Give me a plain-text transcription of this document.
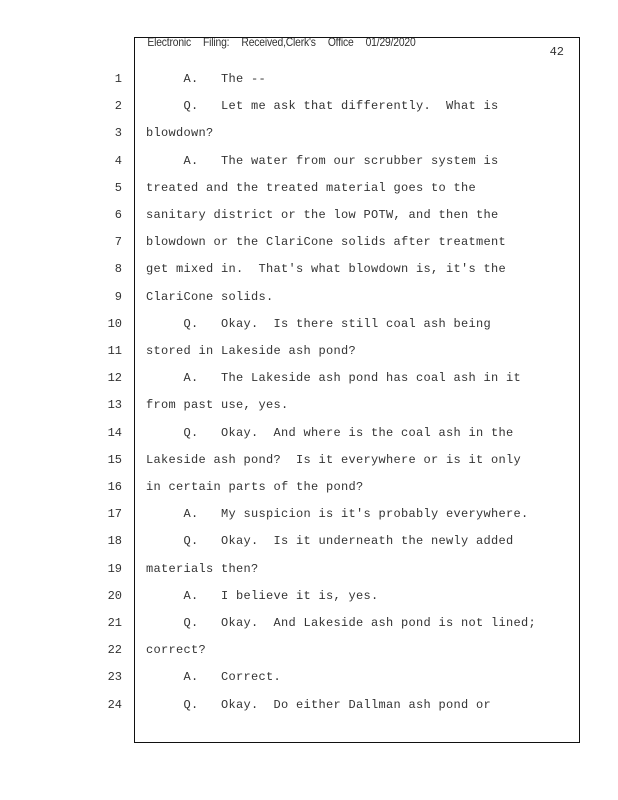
Electronic Filing: Received,Clerk's Office 01/29/2020

42
1 A.   The --
2 Q.   Let me ask that differently.  What is
3 blowdown?
4 A.   The water from our scrubber system is
5 treated and the treated material goes to the
6 sanitary district or the low POTW, and then the
7 blowdown or the ClariCone solids after treatment
8 get mixed in.  That's what blowdown is, it's the
9 ClariCone solids.
10 Q.   Okay.  Is there still coal ash being
11 stored in Lakeside ash pond?
12 A.   The Lakeside ash pond has coal ash in it
13 from past use, yes.
14 Q.   Okay.  And where is the coal ash in the
15 Lakeside ash pond?  Is it everywhere or is it only
16 in certain parts of the pond?
17 A.   My suspicion is it's probably everywhere.
18 Q.   Okay.  Is it underneath the newly added
19 materials then?
20 A.   I believe it is, yes.
21 Q.   Okay.  And Lakeside ash pond is not lined;
22 correct?
23 A.   Correct.
24 Q.   Okay.  Do either Dallman ash pond or
